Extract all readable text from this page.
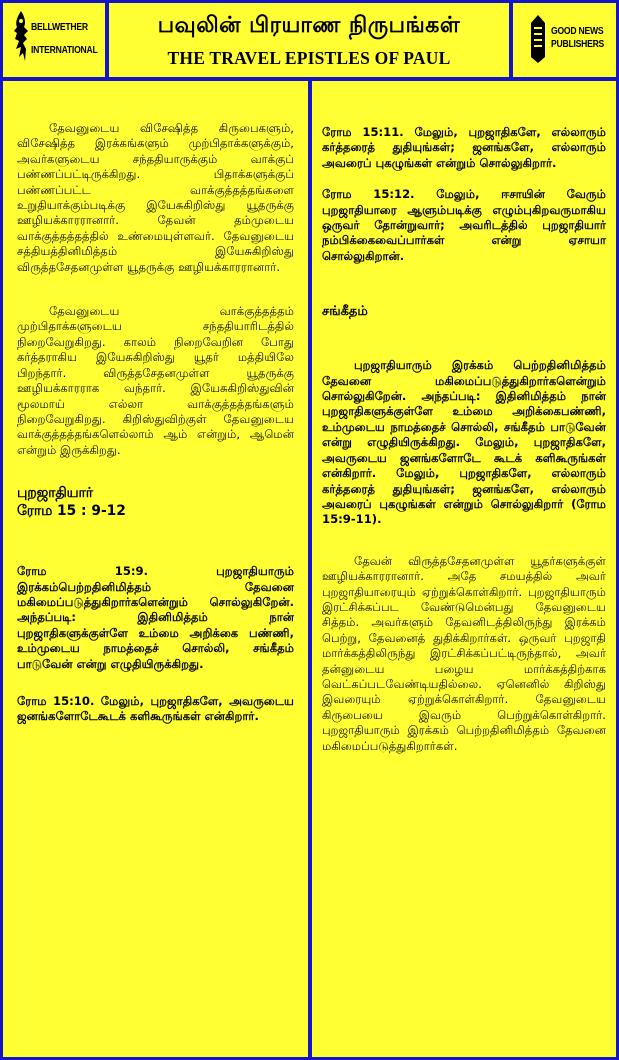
BELLWETHER
INTERNATIONAL
பவுலின் பிரயாண நிருபங்கள்
THE TRAVEL EPISTLES OF PAUL
GOOD NEWS
PUBLISHERS

தேவனுடைய விசேஷித்த கிருபைகளும், விசேஷித்த இரக்கங்களும் முற்பிதாக்களுக்கும், அவர்களுடைய சந்ததியாருக்கும் வாக்குப் பண்ணப்பட்டிருக்கிறது. பிதாக்களுக்குப் பண்ணப்பட்ட வாக்குத்தத்தங்களை உறுதியாக்கும்படிக்கு இயேசுகிறிஸ்து யூதருக்கு ஊழியக்காரரானார். தேவன் தம்முடைய வாக்குத்தத்தத்தில் உண்மையுள்ளவர். தேவனுடைய சத்தியத்தினிமித்தம் இயேசுகிறிஸ்து விருத்தசேதனமுள்ள யூதருக்கு ஊழியக்காரரானார்.

தேவனுடைய வாக்குத்தத்தம் முற்பிதாக்களுடைய சந்ததியாரிடத்தில் நிறைவேறுகிறது. காலம் நிறைவேறின போது கர்த்தராகிய இயேசுகிறிஸ்து யூதர் மத்தியிலே பிறந்தார். விருத்தசேதனமுள்ள யூதருக்கு ஊழியக்காரராக வந்தார். இயேசுகிறிஸ்துவின் மூலமாய் எல்லா வாக்குத்தத்தங்களும் நிறைவேறுகிறது. கிறிஸ்துவிற்குள் தேவனுடைய வாக்குத்தத்தங்களெல்லாம் ஆம் என்றும், ஆமென் என்றும் இருக்கிறது.

புறஜாதியார்
ரோம 15 : 9-12

ரோம 15:9. புறஜாதியாரும் இரக்கம்பெற்றதினிமித்தம் தேவனை மகிமைப்படுத்துகிறார்களென்றும் சொல்லுகிறேன். அந்தப்படி: இதினிமித்தம் நான் புறஜாதிகளுக்குள்ளே உம்மை அறிக்கை பண்ணி, உம்முடைய நாமத்தைச் சொல்லி, சங்கீதம் பாடுவேன் என்று எழுதியிருக்கிறது.

ரோம 15:10. மேலும், புறஜாதிகளே, அவருடைய ஜனங்களோடேகூடக் களிகூருங்கள் என்கிறார்.

ரோம 15:11. மேலும், புறஜாதிகளே, எல்லாரும் கர்த்தரைத் துதியுங்கள்; ஜனங்களே, எல்லாரும் அவரைப் புகழுங்கள் என்றும் சொல்லுகிறார்.

ரோம 15:12. மேலும், ஈசாயின் வேரும் புறஜாதியாரை ஆளும்படிக்கு எழும்புகிறவருமாகிய ஒருவர் தோன்றுவார்; அவரிடத்தில் புறஜாதியார் நம்பிக்கைவைப்பார்கள் என்று ஏசாயா சொல்லுகிறான்.

சங்கீதம்

புறஜாதியாரும் இரக்கம் பெற்றதினிமித்தம் தேவனை மகிமைப்படுத்துகிறார்களென்றும் சொல்லுகிறேன். அந்தப்படி: இதினிமித்தம் நான் புறஜாதிகளுக்குள்ளே உம்மை அறிக்கைபண்ணி, உம்முடைய நாமத்தைச் சொல்லி, சங்கீதம் பாடுவேன் என்று எழுதியிருக்கிறது. மேலும், புறஜாதிகளே, அவருடைய ஜனங்களோடே கூடக் களிகூருங்கள் என்கிறார். மேலும், புறஜாதிகளே, எல்லாரும் கர்த்தரைத் துதியுங்கள்; ஜனங்களே, எல்லாரும் அவரைப் புகழுங்கள் என்றும் சொல்லுகிறார் (ரோம 15:9-11).

தேவன் விருத்தசேதனமுள்ள யூதர்களுக்குள் ஊழியக்காரரானார். அதே சமயத்தில் அவர் புறஜாதியாரையும் ஏற்றுக்கொள்கிறார். புறஜாதியாரும் இரட்சிக்கப்பட வேண்டுமென்பது தேவனுடைய சித்தம். அவர்களும் தேவனிடத்திலிருந்து இரக்கம் பெற்று, தேவனைத் துதிக்கிறார்கள். ஒருவர் புறஜாதி மார்க்கத்திலிருந்து இரட்சிக்கப்பட்டிருந்தால், அவர் தன்னுடைய பழைய மார்க்கத்திற்காக வெட்கப்படவேண்டியதில்லை. ஏனெனில் கிறிஸ்து இவரையும் ஏற்றுக்கொள்கிறார். தேவனுடைய கிருபையை இவரும் பெற்றுக்கொள்கிறார். புறஜாதியாரும் இரக்கம் பெற்றதினிமித்தம் தேவனை மகிமைப்படுத்துகிறார்கள்.
